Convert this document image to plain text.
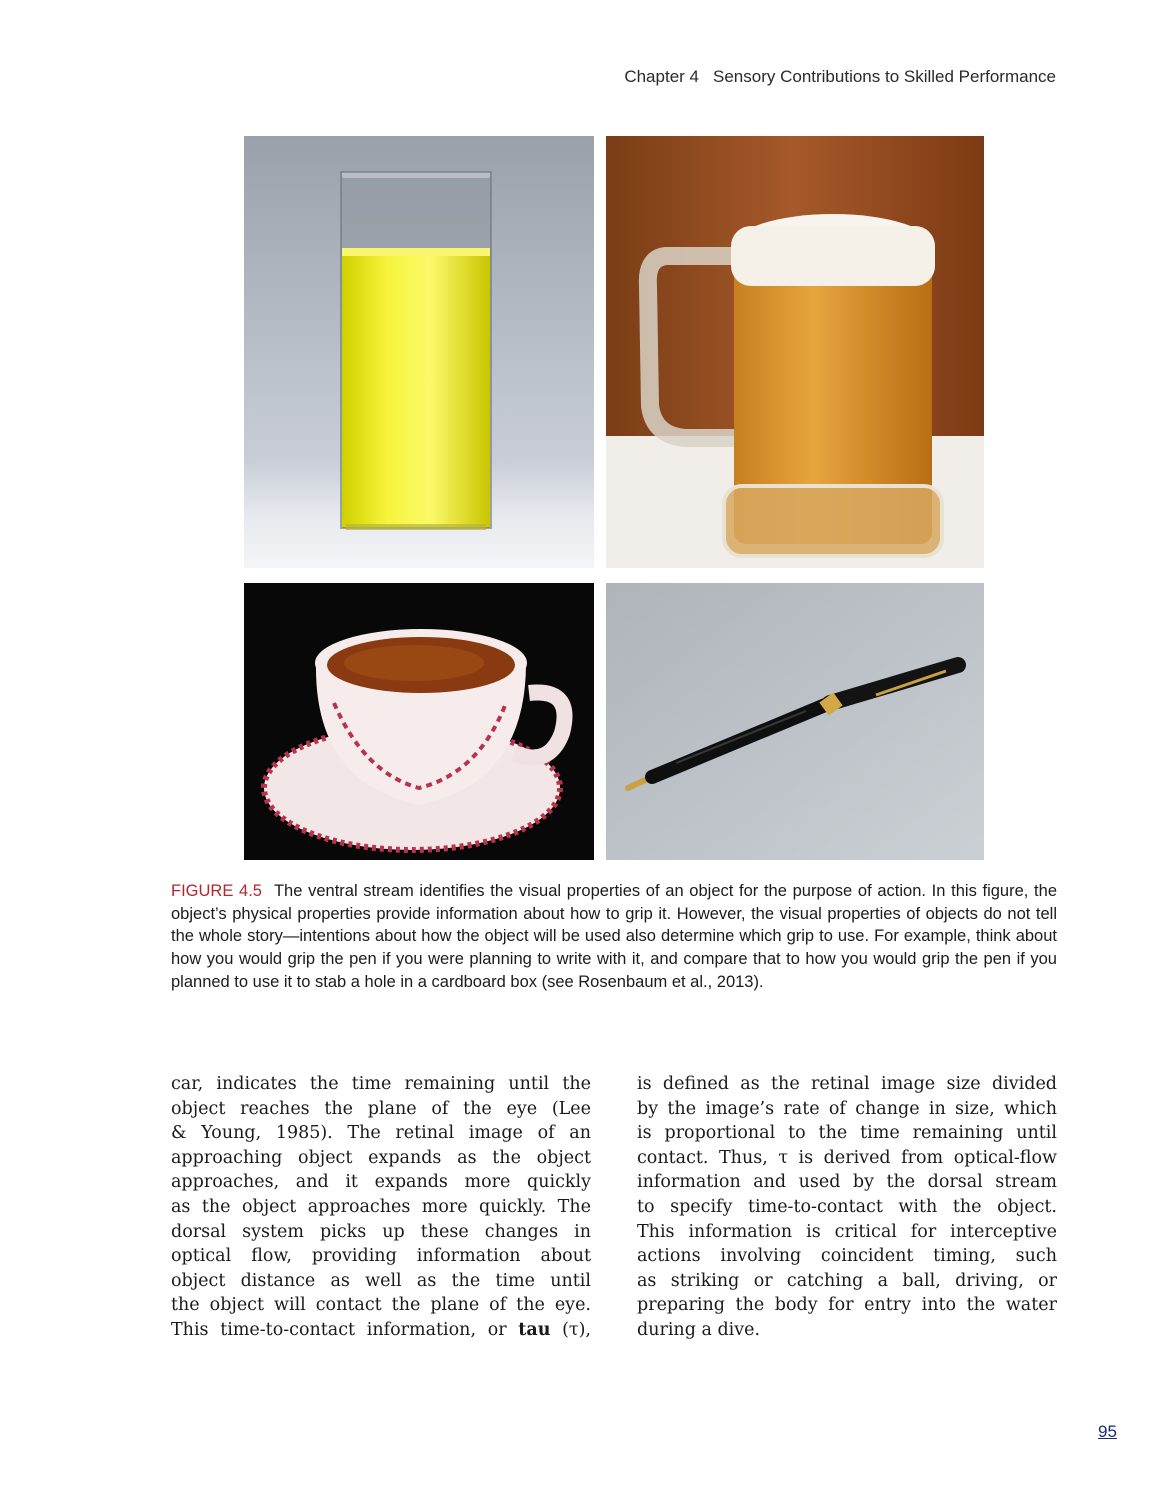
Chapter 4 Sensory Contributions to Skilled Performance
FIGURE 4.5 The ventral stream identifies the visual properties of an object for the purpose of action. In this figure, the object’s physical properties provide information about how to grip it. However, the visual properties of objects do not tell the whole story—intentions about how the object will be used also determine which grip to use. For example, think about how you would grip the pen if you were planning to write with it, and compare that to how you would grip the pen if you planned to use it to stab a hole in a cardboard box (see Rosenbaum et al., 2013).
car, indicates the time remaining until the
object reaches the plane of the eye (Lee
& Young, 1985). The retinal image of an
approaching object expands as the object
approaches, and it expands more quickly
as the object approaches more quickly. The
dorsal system picks up these changes in
optical flow, providing information about
object distance as well as the time until
the object will contact the plane of the eye.
This time-to-contact information, or tau (τ),
is defined as the retinal image size divided
by the image’s rate of change in size, which
is proportional to the time remaining until
contact. Thus, τ is derived from optical-flow
information and used by the dorsal stream
to specify time-to-contact with the object.
This information is critical for interceptive
actions involving coincident timing, such
as striking or catching a ball, driving, or
preparing the body for entry into the water
during a dive.
95
